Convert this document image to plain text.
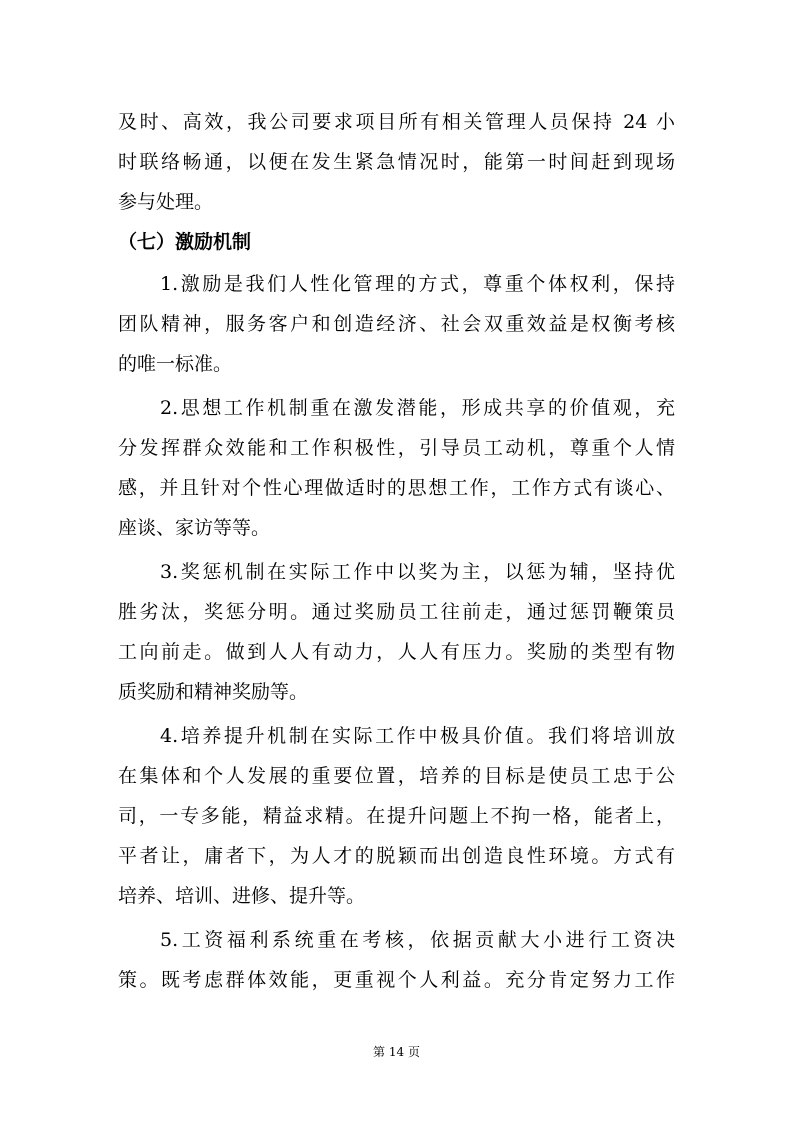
及时、高效，我公司要求项目所有相关管理人员保持 24 小
时联络畅通，以便在发生紧急情况时，能第一时间赶到现场
参与处理。
（七）激励机制
1.激励是我们人性化管理的方式，尊重个体权利，保持
团队精神，服务客户和创造经济、社会双重效益是权衡考核
的唯一标准。
2.思想工作机制重在激发潜能，形成共享的价值观，充
分发挥群众效能和工作积极性，引导员工动机，尊重个人情
感，并且针对个性心理做适时的思想工作，工作方式有谈心、
座谈、家访等等。
3.奖惩机制在实际工作中以奖为主，以惩为辅，坚持优
胜劣汰，奖惩分明。通过奖励员工往前走，通过惩罚鞭策员
工向前走。做到人人有动力，人人有压力。奖励的类型有物
质奖励和精神奖励等。
4.培养提升机制在实际工作中极具价值。我们将培训放
在集体和个人发展的重要位置，培养的目标是使员工忠于公
司，一专多能，精益求精。在提升问题上不拘一格，能者上，
平者让，庸者下，为人才的脱颖而出创造良性环境。方式有
培养、培训、进修、提升等。
5.工资福利系统重在考核，依据贡献大小进行工资决
策。既考虑群体效能，更重视个人利益。充分肯定努力工作
第 14 页
